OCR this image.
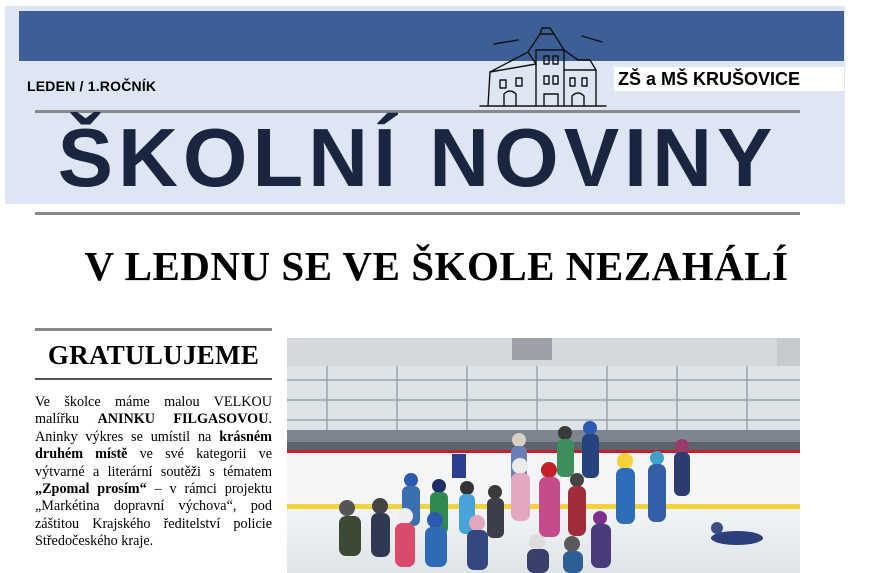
LEDEN / 1.ROČNÍK	ZŠ a MŠ KRUŠOVICE
ŠKOLNÍ NOVINY
V LEDNU SE VE ŠKOLE NEZAHÁLÍ
GRATULUJEME
Ve školce máme malou VELKOU malířku ANINKU FILGASOVOU. Aninky výkres se umístil na krásném druhém místě ve své kategorii ve výtvarné a literární soutěži s tématem „Zpomal prosím“ – v rámci projektu „Markétina dopravní výchova“, pod záštitou Krajského ředitelství policie Středočeského kraje.
